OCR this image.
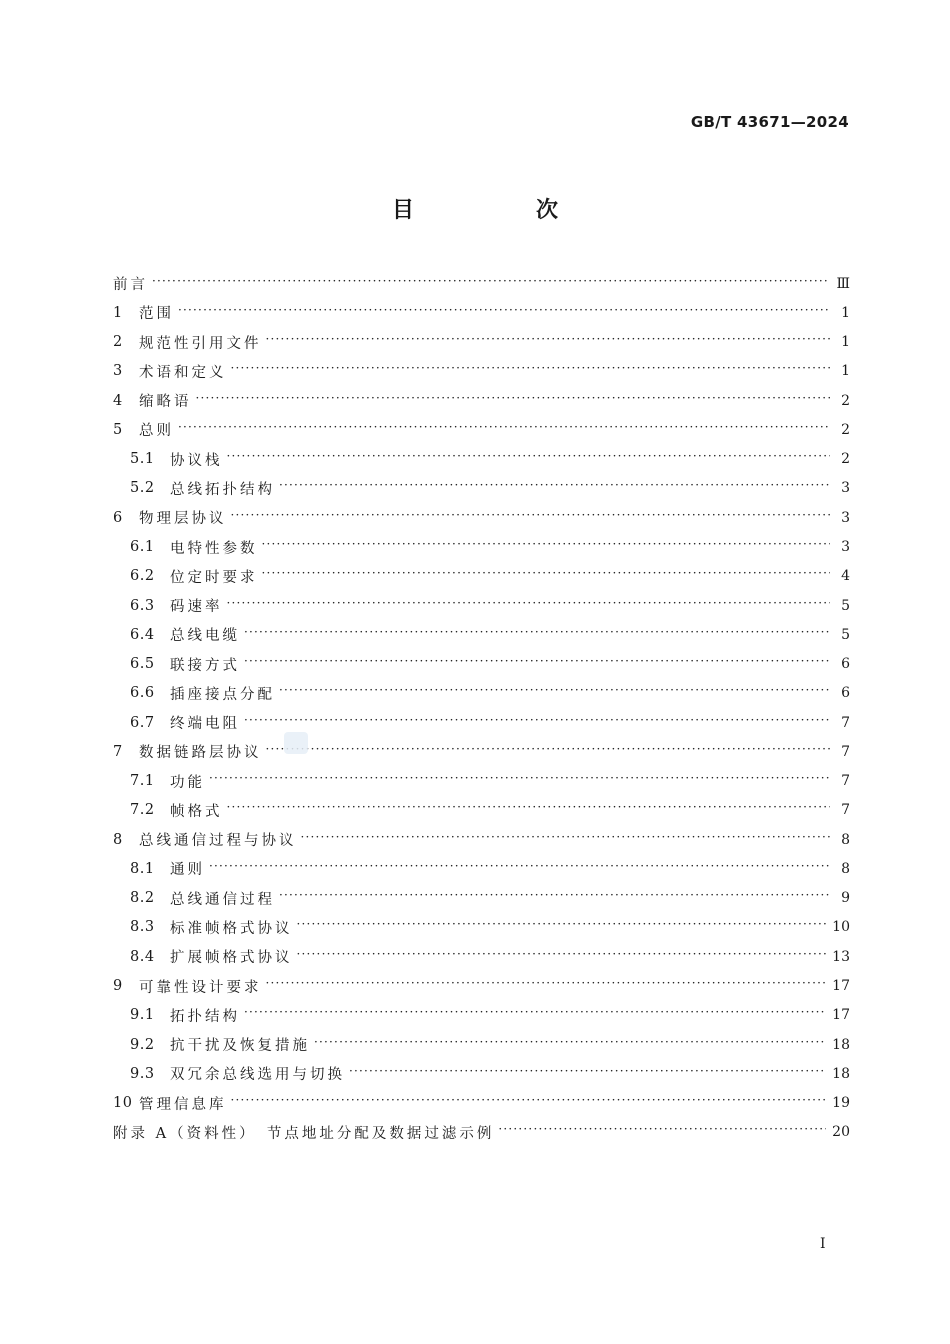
GB/T 43671—2024
目　次
前言 ·····	Ⅲ
1	范围 ·····	1
2	规范性引用文件 ·····	1
3	术语和定义 ·····	1
4	缩略语 ·····	2
5	总则 ·····	2
5.1	协议栈 ·····	2
5.2	总线拓扑结构 ·····	3
6	物理层协议 ·····	3
6.1	电特性参数 ·····	3
6.2	位定时要求 ·····	4
6.3	码速率 ·····	5
6.4	总线电缆 ·····	5
6.5	联接方式 ·····	6
6.6	插座接点分配 ·····	6
6.7	终端电阻 ·····	7
7	数据链路层协议 ·····	7
7.1	功能 ·····	7
7.2	帧格式 ·····	7
8	总线通信过程与协议 ·····	8
8.1	通则 ·····	8
8.2	总线通信过程 ·····	9
8.3	标准帧格式协议 ·····	10
8.4	扩展帧格式协议 ·····	13
9	可靠性设计要求 ·····	17
9.1	拓扑结构 ·····	17
9.2	抗干扰及恢复措施 ·····	18
9.3	双冗余总线选用与切换 ·····	18
10 管理信息库 ·····	19
附录 A（资料性）　节点地址分配及数据过滤示例 ·····	20
I
